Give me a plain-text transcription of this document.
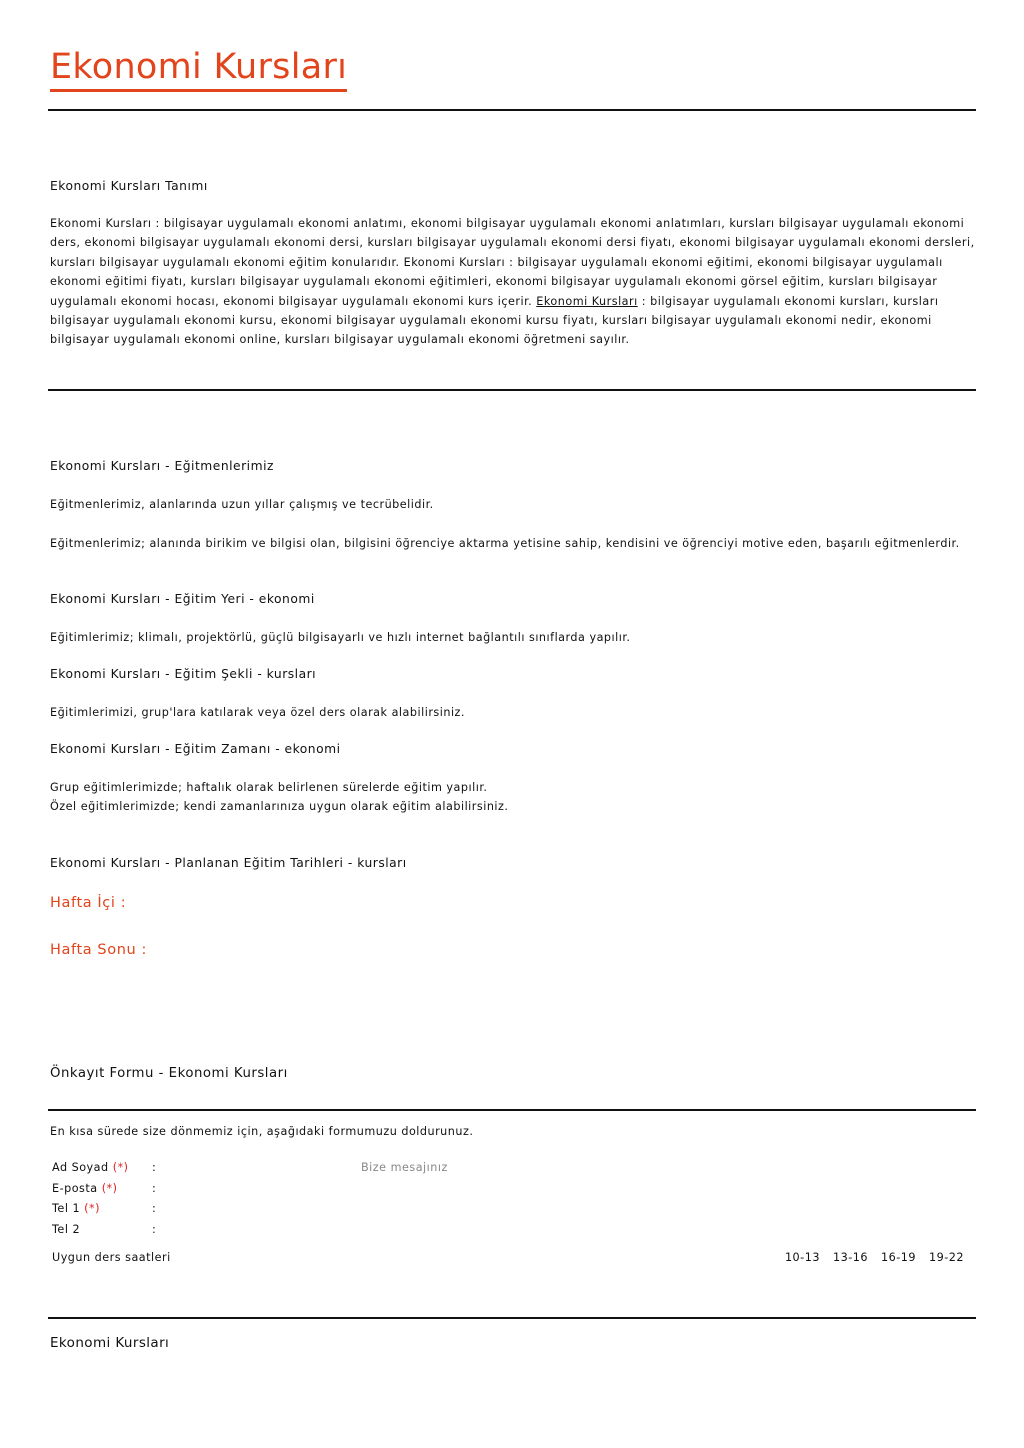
Ekonomi Kursları
Ekonomi Kursları Tanımı

Ekonomi Kursları : bilgisayar uygulamalı ekonomi anlatımı, ekonomi bilgisayar uygulamalı ekonomi anlatımları, kursları bilgisayar uygulamalı ekonomi ders, ekonomi bilgisayar uygulamalı ekonomi dersi, kursları bilgisayar uygulamalı ekonomi dersi fiyatı, ekonomi bilgisayar uygulamalı ekonomi dersleri, kursları bilgisayar uygulamalı ekonomi eğitim konularıdır. Ekonomi Kursları : bilgisayar uygulamalı ekonomi eğitimi, ekonomi bilgisayar uygulamalı ekonomi eğitimi fiyatı, kursları bilgisayar uygulamalı ekonomi eğitimleri, ekonomi bilgisayar uygulamalı ekonomi görsel eğitim, kursları bilgisayar uygulamalı ekonomi hocası, ekonomi bilgisayar uygulamalı ekonomi kurs içerir. Ekonomi Kursları : bilgisayar uygulamalı ekonomi kursları, kursları bilgisayar uygulamalı ekonomi kursu, ekonomi bilgisayar uygulamalı ekonomi kursu fiyatı, kursları bilgisayar uygulamalı ekonomi nedir, ekonomi bilgisayar uygulamalı ekonomi online, kursları bilgisayar uygulamalı ekonomi öğretmeni sayılır.

Ekonomi Kursları - Eğitmenlerimiz

Eğitmenlerimiz, alanlarında uzun yıllar çalışmış ve tecrübelidir.

Eğitmenlerimiz; alanında birikim ve bilgisi olan, bilgisini öğrenciye aktarma yetisine sahip, kendisini ve öğrenciyi motive eden, başarılı eğitmenlerdir.

Ekonomi Kursları - Eğitim Yeri - ekonomi

Eğitimlerimiz; klimalı, projektörlü, güçlü bilgisayarlı ve hızlı internet bağlantılı sınıflarda yapılır.

Ekonomi Kursları - Eğitim Şekli - kursları

Eğitimlerimizi, grup'lara katılarak veya özel ders olarak alabilirsiniz.

Ekonomi Kursları - Eğitim Zamanı - ekonomi

Grup eğitimlerimizde; haftalık olarak belirlenen sürelerde eğitim yapılır.

Özel eğitimlerimizde; kendi zamanlarınıza uygun olarak eğitim alabilirsiniz.

Ekonomi Kursları - Planlanan Eğitim Tarihleri - kursları
Hafta İçi :
Hafta Sonu :
Önkayıt Formu - Ekonomi Kursları

En kısa sürede size dönmemiz için, aşağıdaki formumuzu doldurunuz.

Ad Soyad (*) :
E-posta (*)	:
Tel 1 (*)	:
Tel 2	:
Bize mesajınız
Uygun ders saatleri	10-13 13-16 16-19 19-22
Ekonomi Kursları
